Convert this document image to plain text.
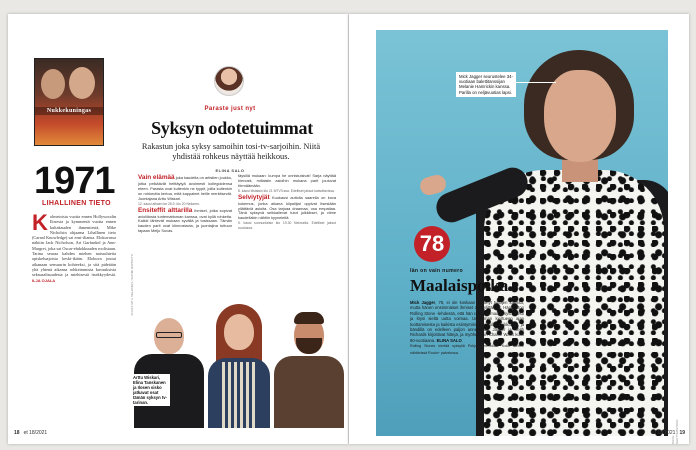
Nukkekuningas
1971
LIHALLINEN TIETO
Kolmetoista vuotta ennen Hollywoodin Ilosesta ja kymmentä vuotta ennen kultakauden ihmemiestä, Mike Nicholsin ohjaama Lihallinen tieto (Carnal Knowledge) sai ensi-iltansa. Elokuvassa nähtiin Jack Nicholson, Art Garfunkel ja Ann-Margret, joka sai Oscar-ehdokkuuden roolistaan. Tarina seuraa kahden miehen naissuhteita opiskeluajoista keski-ikään. Elokuva joutui aikanaan sensuurin kohteeksi, ja sitä pidetään yhä yhtenä aikansa rohkeimmista kuvauksista seksuaalisuudesta ja miehisestä itsekkyydestä. ILJA OJALA
Paraste just nyt
Syksyn odotetuimmat
Rakastun joka syksy samoihin tosi-tv-sarjoihin. Niitä yhdistää rohkeus näyttää heikkous.
ELINA SALO
Vain elämää joka kaudella on artistien joukko, jotka pelkäävät heittäytyä avoimesti kollegoidensa eteen. Parasta ovat kuitenkin ne tyypit, joilla kuitenkin on rohkeutta kertoa, mitä kappaleet heille merkitsevät. Juontajana Arttu Wiskari.
12. kausi alkaen ke 26.9. klo 20 Nelonen.
Ensiteffit alttarilla Ihmiset, jotka sopivat avioliitosta tuntemattoman kanssa, ovat kyllä rohkeita. Kaikki lähtevät mukaan syvällä ja tosissaan. Tämän kauden parit ovat kiinnostavia, ja juontajina tuttuun tapaan Meiju Suvas.
täysillä mukaan: kumpa he onnistuisivat! Sarja näyttää hienosti, millaisiin asioihin mukana parit joutuvat törmäämään.
8. kausi tiistaisin klo 21 MTV3:ssa. Edelliset jaksot katsottavissa.
Selviytyjät Kuukausi autiolla saarella on kova kokemus, jonka aikana kilpailijat oppivat itsestään yllättäviä asioita. Osa tarjoaa draamaa, osa empatiaa. Tänä syksynä seikkailevat tutut julkkikset, ja viime kaudellakin nähtiin kyyneleitä.
5. kausi sunnuntaisin klo 19.30 Nelosella. Edelliset jaksot ruudussa.
KUVAT: MTV, NELONEN / SUOMI RAPORTTI
Arttu Wiskari, Elina Tanskanen ja Ilosen sisko jatkavat osat tämän syksyn tv-tarinan.
18 et 18/2021
Mick Jagger seurustelee 34-vuotiaan balettitanssijan Melanie Hamrickin kanssa. Parilla on neljävuotias lapsi.
78
Iän on vain numero
Maalaispoika
Mick Jagger, 78, ei ole koskaan pyrkinyt tyttöjen kanssa, mutta hänen ensimmäiset ihmiset ovat ylittäneet. Hän kertoo Rolling Stone -lehdessä, että hän rakastui maalla syvällisesti ja löysi sieltä uutta voimaa. Uusimman kiertueen ajan tuottamisesta ja kaikista esiintymisistä on tullut seikkailuja, ja bändillä on edelleen paljon annettavaa. Jagger ja Keith Richards kirjoittivat hittejä, ja myöhemmin Charlie Watts kuoli 80-vuotiaana. ELINA SALO
Rolling Stones kiertää syksyllä Pohjois-Amerikkaa. Koko kiertue nähtävissä Ruutu+ palvelussa.
KUVA: SHUTTERSTOCK
et 18/2021 19
